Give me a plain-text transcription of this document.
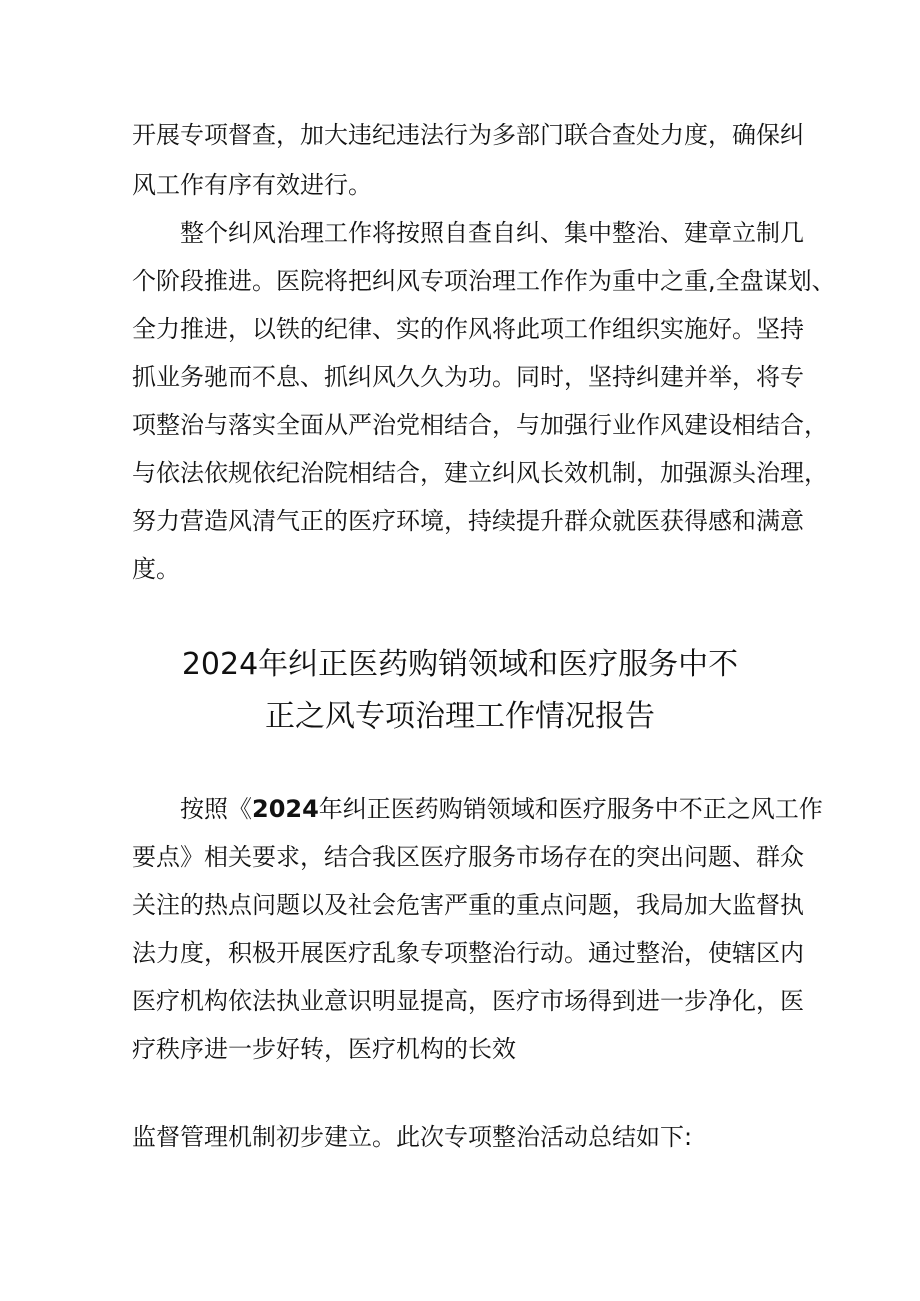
开展专项督查，加大违纪违法行为多部门联合查处力度，确保纠
风工作有序有效进行。
整个纠风治理工作将按照自查自纠、集中整治、建章立制几
个阶段推进。医院将把纠风专项治理工作作为重中之重,全盘谋划、
全力推进，以铁的纪律、实的作风将此项工作组织实施好。坚持
抓业务驰而不息、抓纠风久久为功。同时，坚持纠建并举，将专
项整治与落实全面从严治党相结合，与加强行业作风建设相结合，
与依法依规依纪治院相结合，建立纠风长效机制，加强源头治理，
努力营造风清气正的医疗环境，持续提升群众就医获得感和满意
度。
2024年纠正医药购销领域和医疗服务中不
正之风专项治理工作情况报告
按照《2024年纠正医药购销领域和医疗服务中不正之风工作
要点》相关要求，结合我区医疗服务市场存在的突出问题、群众
关注的热点问题以及社会危害严重的重点问题，我局加大监督执
法力度，积极开展医疗乱象专项整治行动。通过整治，使辖区内
医疗机构依法执业意识明显提高，医疗市场得到进一步净化，医
疗秩序进一步好转，医疗机构的长效
监督管理机制初步建立。此次专项整治活动总结如下:
